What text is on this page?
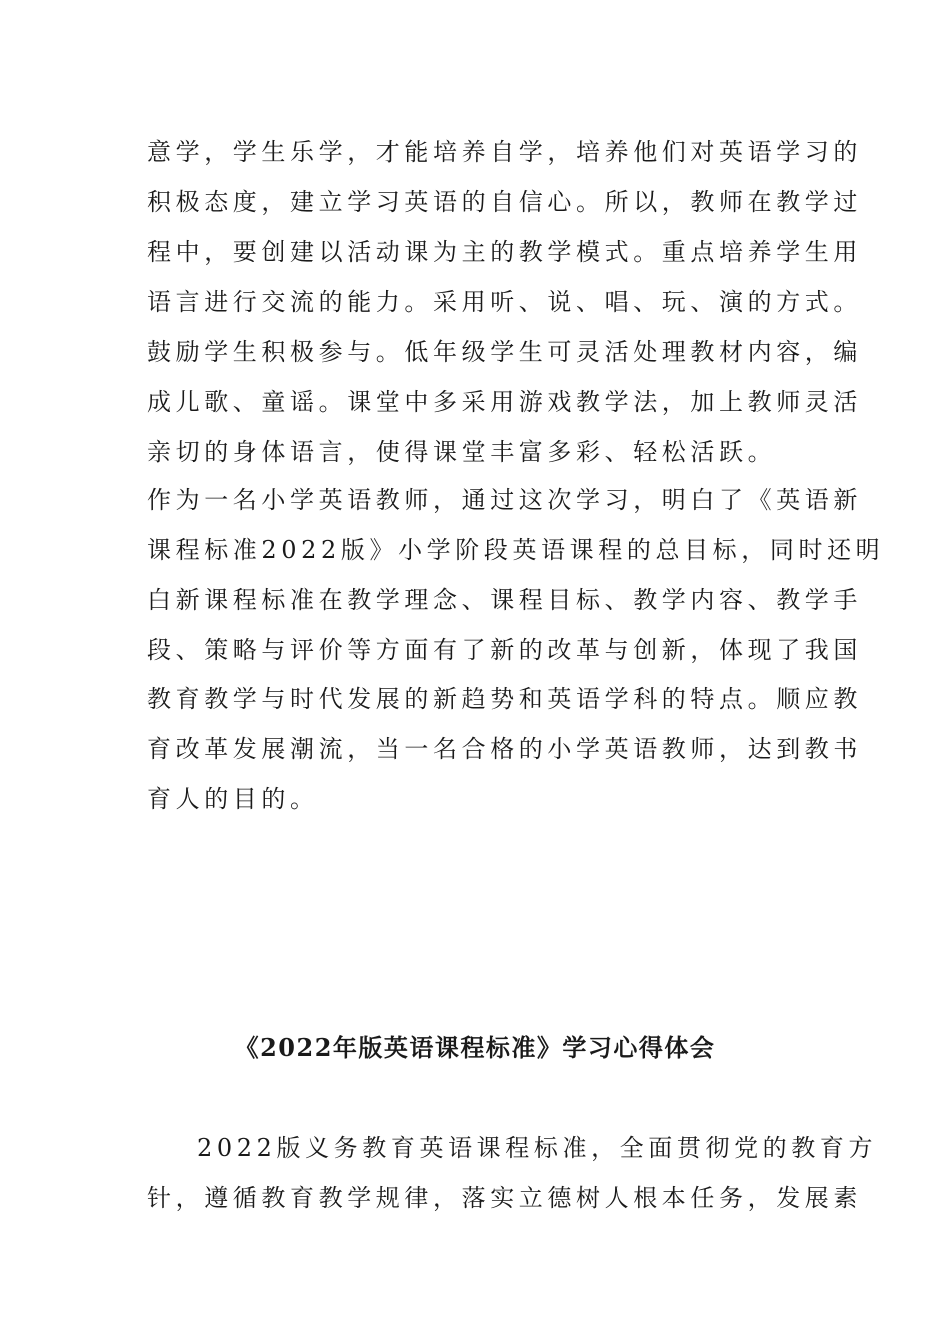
意学，学生乐学，才能培养自学，培养他们对英语学习的
积极态度，建立学习英语的自信心。所以，教师在教学过
程中，要创建以活动课为主的教学模式。重点培养学生用
语言进行交流的能力。采用听、说、唱、玩、演的方式。
鼓励学生积极参与。低年级学生可灵活处理教材内容，编
成儿歌、童谣。课堂中多采用游戏教学法，加上教师灵活
亲切的身体语言，使得课堂丰富多彩、轻松活跃。
作为一名小学英语教师，通过这次学习，明白了《英语新
课程标准2022版》小学阶段英语课程的总目标，同时还明
白新课程标准在教学理念、课程目标、教学内容、教学手
段、策略与评价等方面有了新的改革与创新，体现了我国
教育教学与时代发展的新趋势和英语学科的特点。顺应教
育改革发展潮流，当一名合格的小学英语教师，达到教书
育人的目的。
《2022年版英语课程标准》学习心得体会
2022版义务教育英语课程标准，全面贯彻党的教育方
针，遵循教育教学规律，落实立德树人根本任务，发展素
